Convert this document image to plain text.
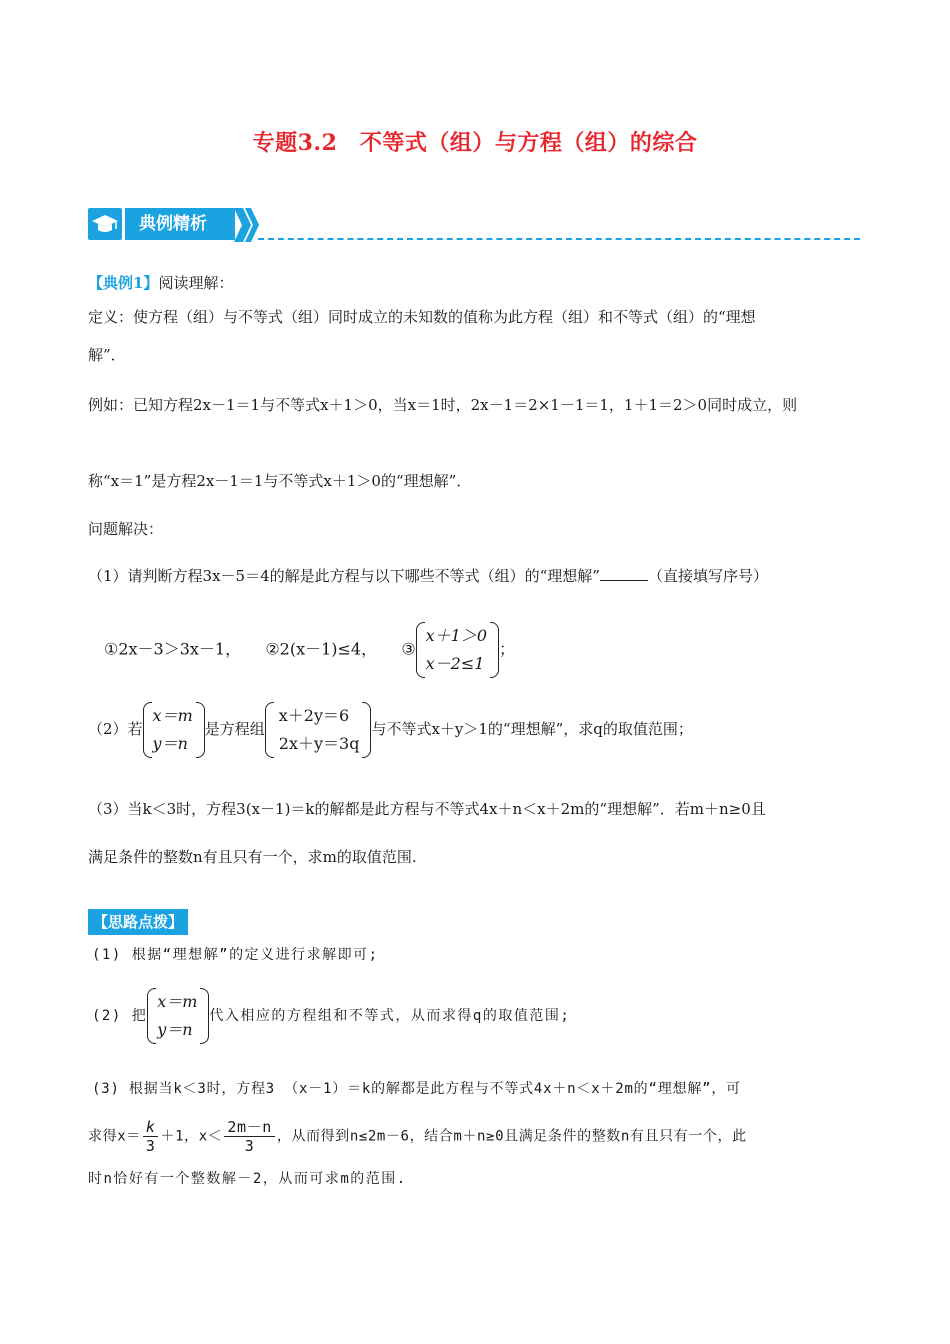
专题3.2　不等式（组）与方程（组）的综合
典例精析
【典例1】阅读理解：
定义：使方程（组）与不等式（组）同时成立的未知数的值称为此方程（组）和不等式（组）的“理想
解”．
例如：已知方程2x－1＝1与不等式x＋1＞0，当x＝1时，2x－1＝2×1－1＝1，1＋1＝2＞0同时成立，则
称“x＝1”是方程2x－1＝1与不等式x＋1＞0的“理想解”．
问题解决：
（1）请判断方程3x－5＝4的解是此方程与以下哪些不等式（组）的“理想解”	（直接填写序号）
①2x－3＞3x－1， ②2(x－1)≤4， ③
x＋1＞0
x－2≤1
；
（2）若
x＝m
y＝n
是方程组
x＋2y＝6
2x＋y＝3q
与不等式x＋y＞1的“理想解”，求q的取值范围；
（3）当k＜3时，方程3(x－1)＝k的解都是此方程与不等式4x＋n＜x＋2m的“理想解”．若m＋n≥0且
满足条件的整数n有且只有一个，求m的取值范围.
【思路点拨】
(1) 根据“理想解”的定义进行求解即可;
(2) 把
x＝m
y＝n
代入相应的方程组和不等式，从而求得q的取值范围;
(3) 根据当k＜3时，方程3 （x－1）＝k的解都是此方程与不等式4x＋n＜x＋2m的“理想解”，可
求得$x= \frac{k}{3} +1$，$x< \frac{2m-n}{3}$ ，从而得到n≤2m－6，结合m＋n≥0且满足条件的整数n有且只有一个，此
时n恰好有一个整数解－2，从而可求m的范围.
